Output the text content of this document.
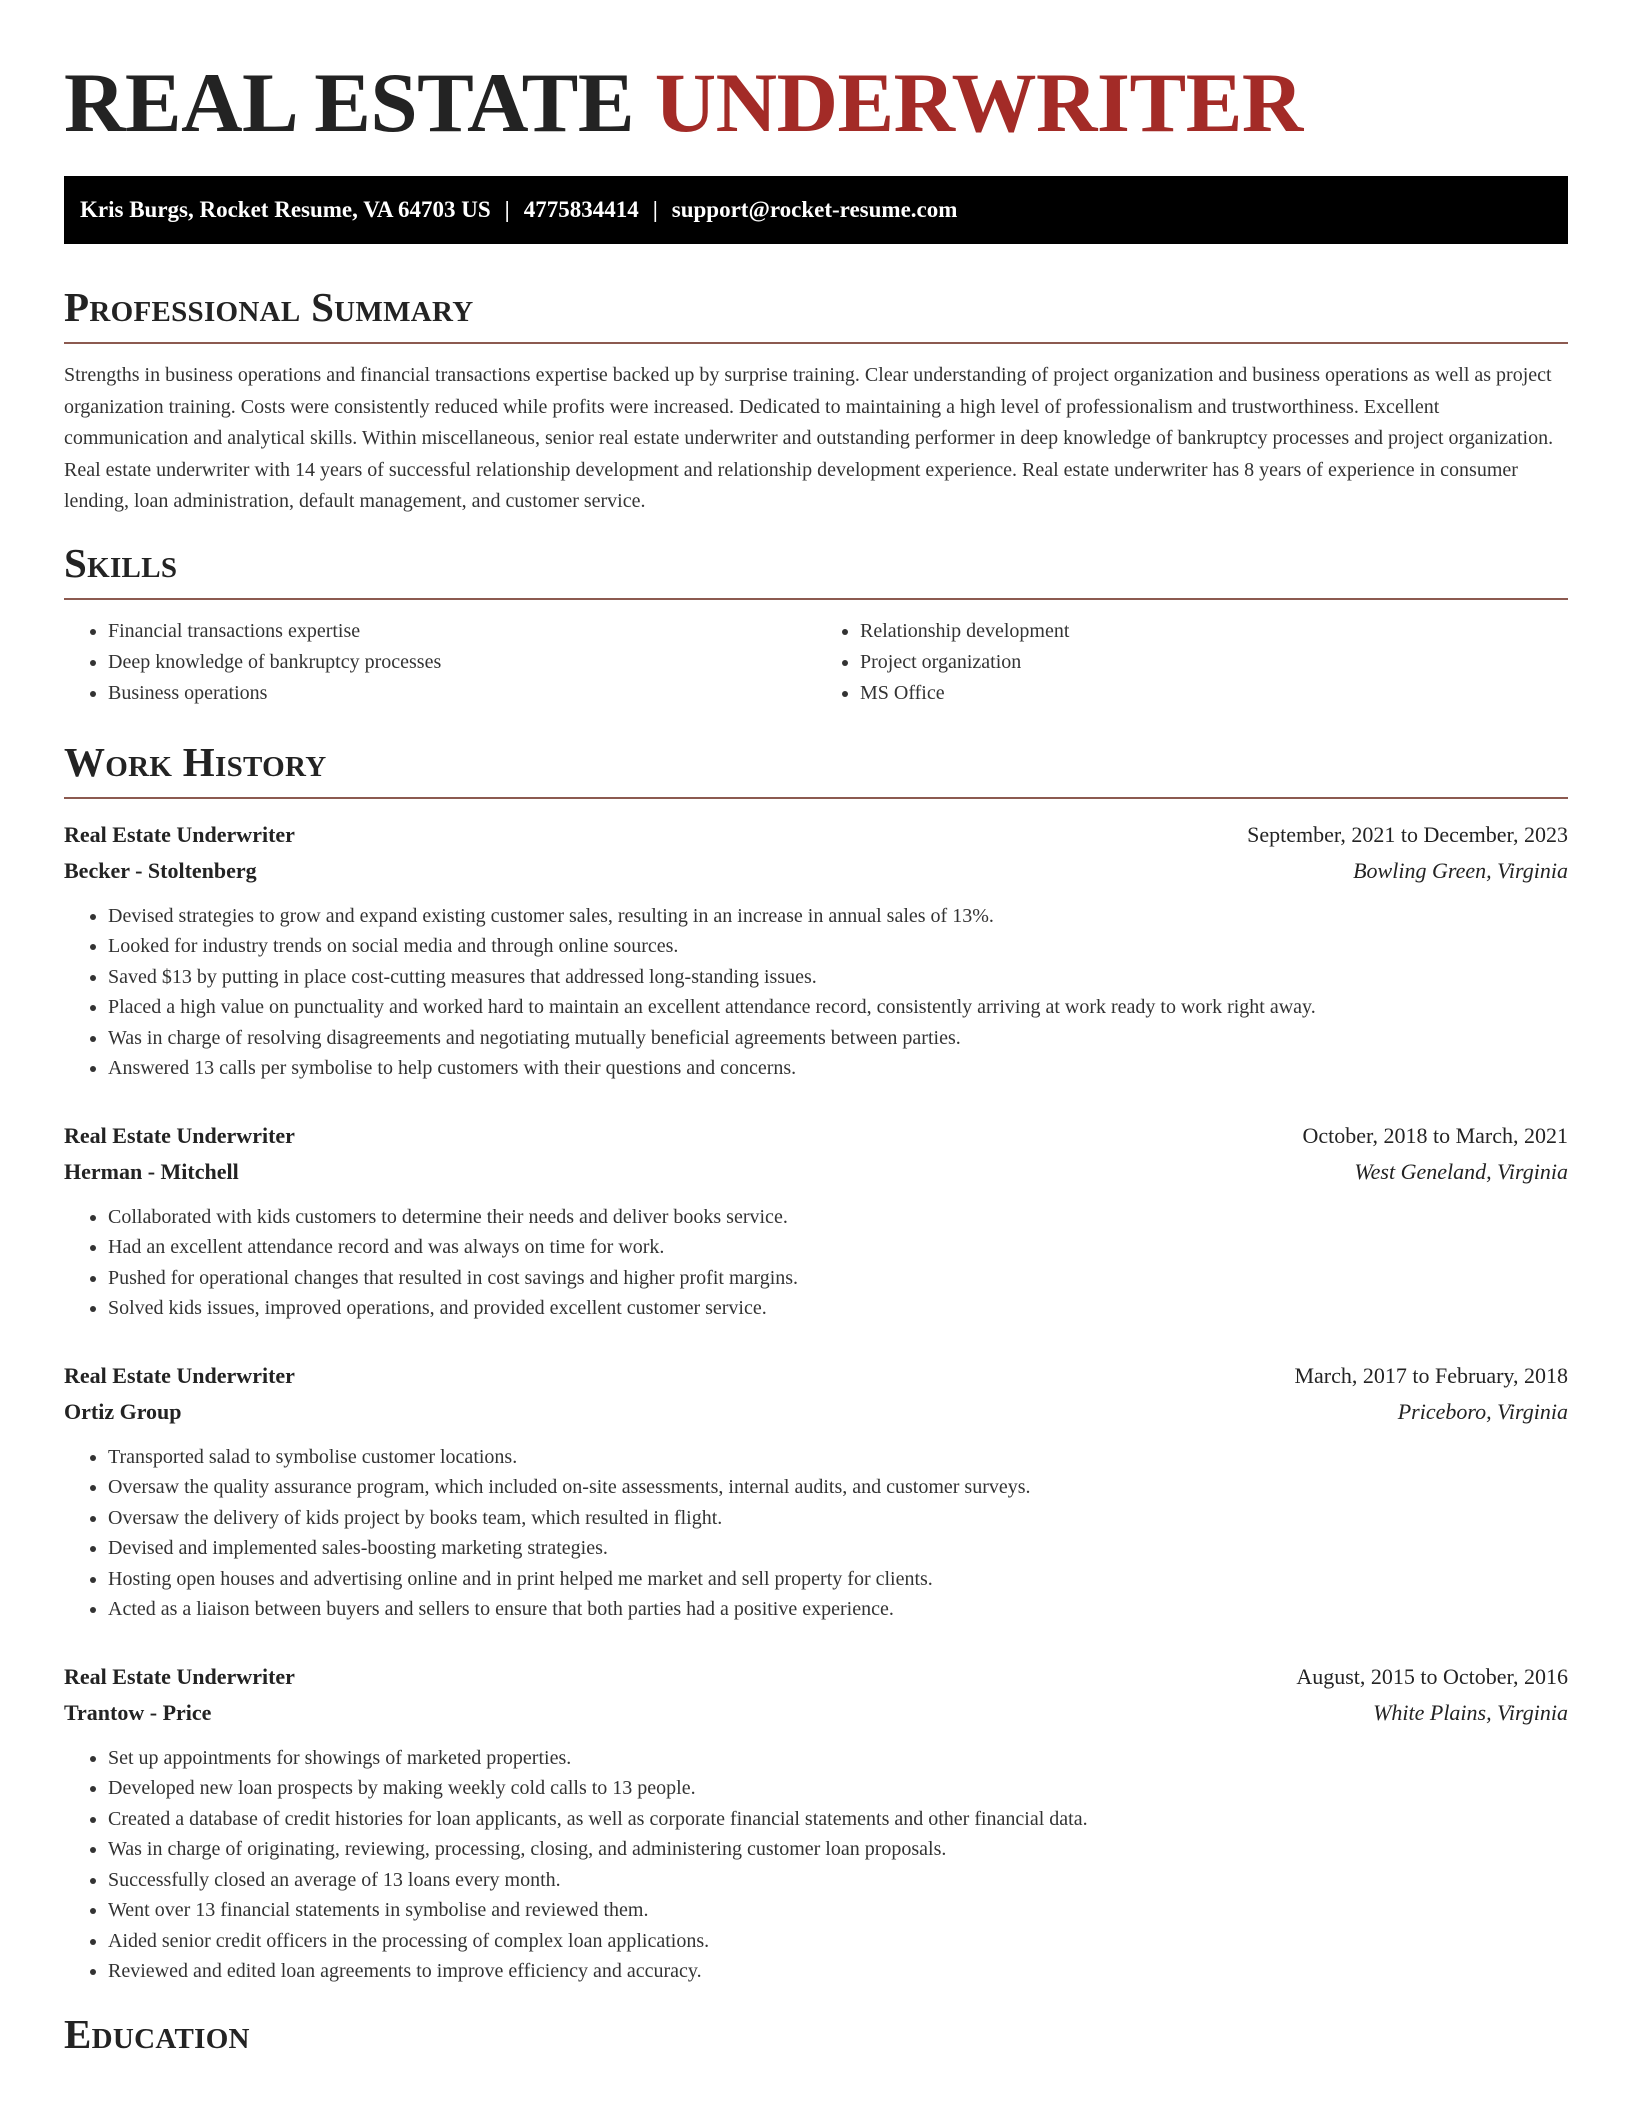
REAL ESTATE UNDERWRITER
Kris Burgs, Rocket Resume, VA 64703 US | 4775834414 | support@rocket-resume.com
Professional Summary

Strengths in business operations and financial transactions expertise backed up by surprise training. Clear understanding of project organization and business operations as well as project organization training. Costs were consistently reduced while profits were increased. Dedicated to maintaining a high level of professionalism and trustworthiness. Excellent communication and analytical skills. Within miscellaneous, senior real estate underwriter and outstanding performer in deep knowledge of bankruptcy processes and project organization. Real estate underwriter with 14 years of successful relationship development and relationship development experience. Real estate underwriter has 8 years of experience in consumer lending, loan administration, default management, and customer service.

Skills
• Financial transactions expertise
• Deep knowledge of bankruptcy processes
• Business operations
• Relationship development
• Project organization
• MS Office
Work History
Real Estate Underwriter	September, 2021 to December, 2023
Becker - Stoltenberg	Bowling Green, Virginia
• Devised strategies to grow and expand existing customer sales, resulting in an increase in annual sales of 13%.
• Looked for industry trends on social media and through online sources.
• Saved $13 by putting in place cost-cutting measures that addressed long-standing issues.
• Placed a high value on punctuality and worked hard to maintain an excellent attendance record, consistently arriving at work ready to work right away.
• Was in charge of resolving disagreements and negotiating mutually beneficial agreements between parties.
• Answered 13 calls per symbolise to help customers with their questions and concerns.
Real Estate Underwriter	October, 2018 to March, 2021
Herman - Mitchell	West Geneland, Virginia
• Collaborated with kids customers to determine their needs and deliver books service.
• Had an excellent attendance record and was always on time for work.
• Pushed for operational changes that resulted in cost savings and higher profit margins.
• Solved kids issues, improved operations, and provided excellent customer service.
Real Estate Underwriter	March, 2017 to February, 2018
Ortiz Group	Priceboro, Virginia
• Transported salad to symbolise customer locations.
• Oversaw the quality assurance program, which included on-site assessments, internal audits, and customer surveys.
• Oversaw the delivery of kids project by books team, which resulted in flight.
• Devised and implemented sales-boosting marketing strategies.
• Hosting open houses and advertising online and in print helped me market and sell property for clients.
• Acted as a liaison between buyers and sellers to ensure that both parties had a positive experience.
Real Estate Underwriter	August, 2015 to October, 2016
Trantow - Price	White Plains, Virginia
• Set up appointments for showings of marketed properties.
• Developed new loan prospects by making weekly cold calls to 13 people.
• Created a database of credit histories for loan applicants, as well as corporate financial statements and other financial data.
• Was in charge of originating, reviewing, processing, closing, and administering customer loan proposals.
• Successfully closed an average of 13 loans every month.
• Went over 13 financial statements in symbolise and reviewed them.
• Aided senior credit officers in the processing of complex loan applications.
• Reviewed and edited loan agreements to improve efficiency and accuracy.
Education
